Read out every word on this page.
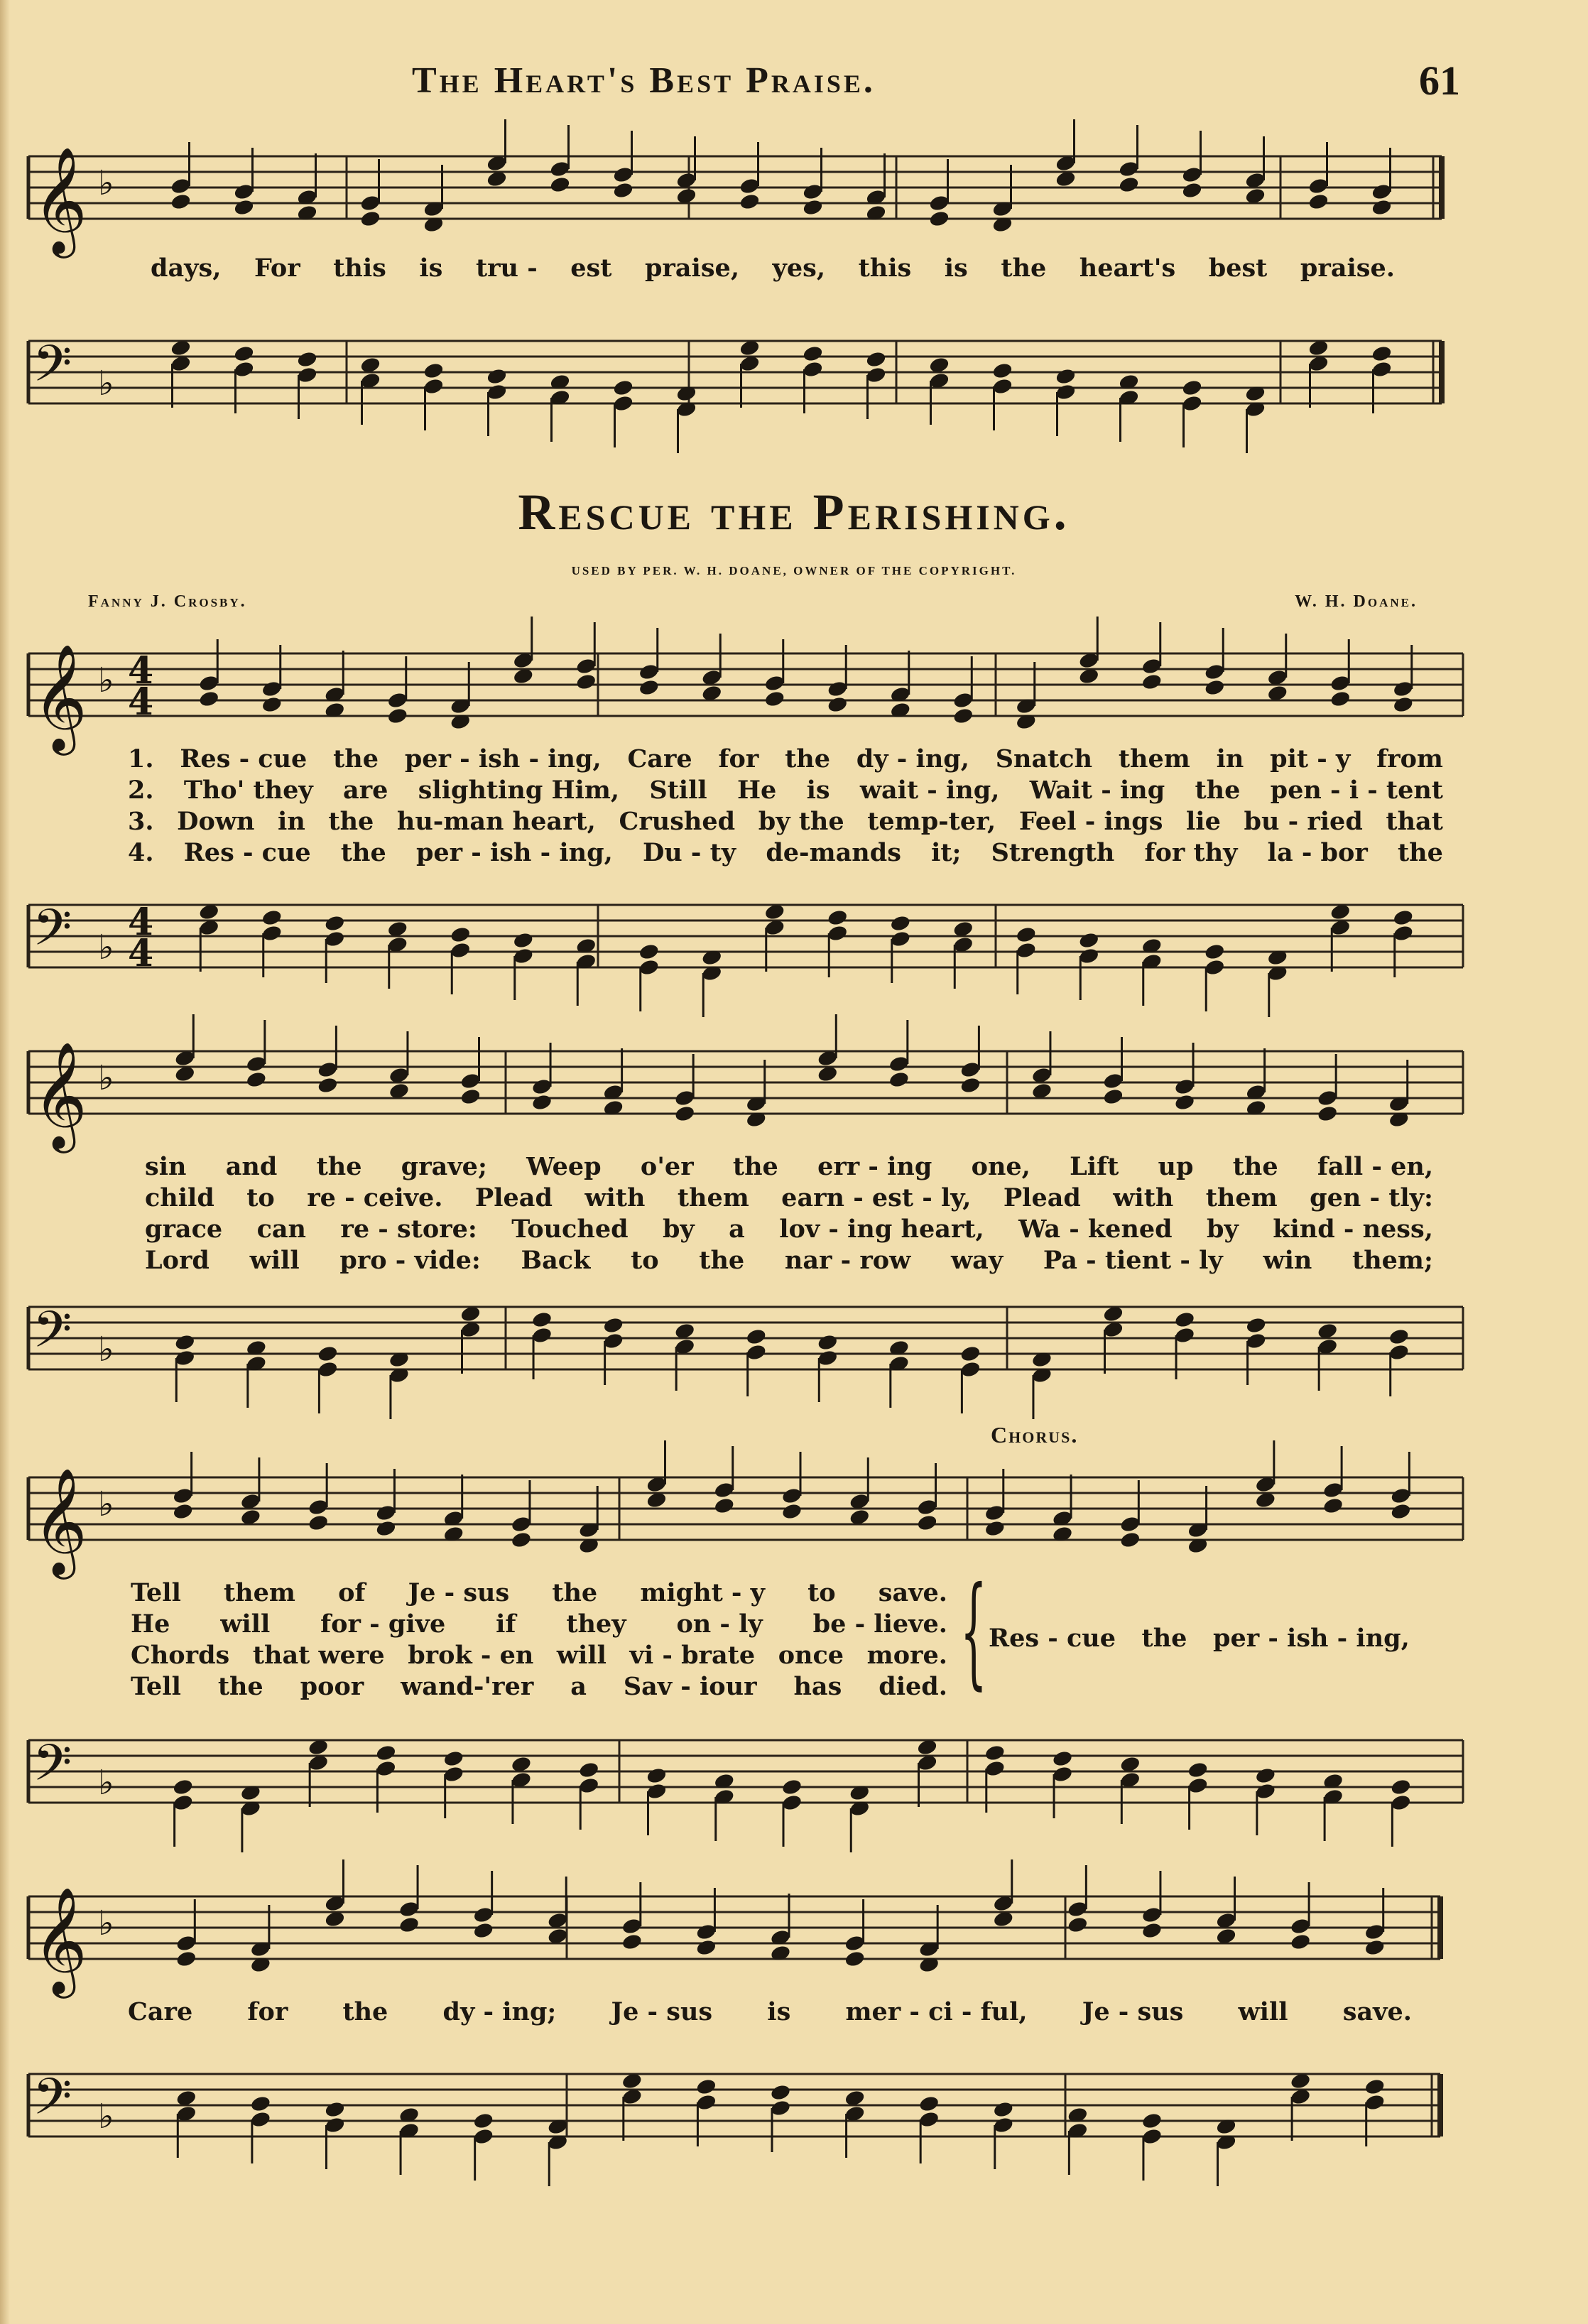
The Heart's Best Praise.	61
𝄞 ♭
days, For this is tru - est praise, yes, this is the heart's best praise.
𝄢 ♭
Rescue the Perishing.
USED BY PER. W. H. DOANE, OWNER OF THE COPYRIGHT.
Fanny J. Crosby.	W. H. Doane.
𝄞 ♭ 4
4
1. Res - cue the per - ish - ing, Care for the dy - ing, Snatch them in pit - y from
2. Tho' they are slighting Him, Still He is wait - ing, Wait - ing the pen - i - tent
3. Down in the hu-man heart, Crushed by the temp-ter, Feel - ings lie bu - ried that
4. Res - cue the per - ish - ing, Du - ty de-mands it; Strength for thy la - bor the
𝄢 ♭
4
4
𝄞 ♭
sin and the grave; Weep o'er the err - ing one, Lift up the fall - en,
child to re - ceive. Plead with them earn - est - ly, Plead with them gen - tly:
grace can re - store: Touched by a lov - ing heart, Wa - kened by kind - ness,
Lord will pro - vide: Back to the nar - row way Pa - tient - ly win them;
𝄢 ♭
Chorus.
𝄞 ♭
Tell them of Je - sus the might - y to save.
He will for - give if they on - ly be - lieve.
Chords that were brok - en will vi - brate once more.
Tell the poor wand-'rer a Sav - iour has died. { Res - cue   the   per - ish - ing,
𝄢 ♭
𝄞 ♭
Care for the dy - ing; Je - sus is mer - ci - ful, Je - sus will save.
𝄢 ♭
